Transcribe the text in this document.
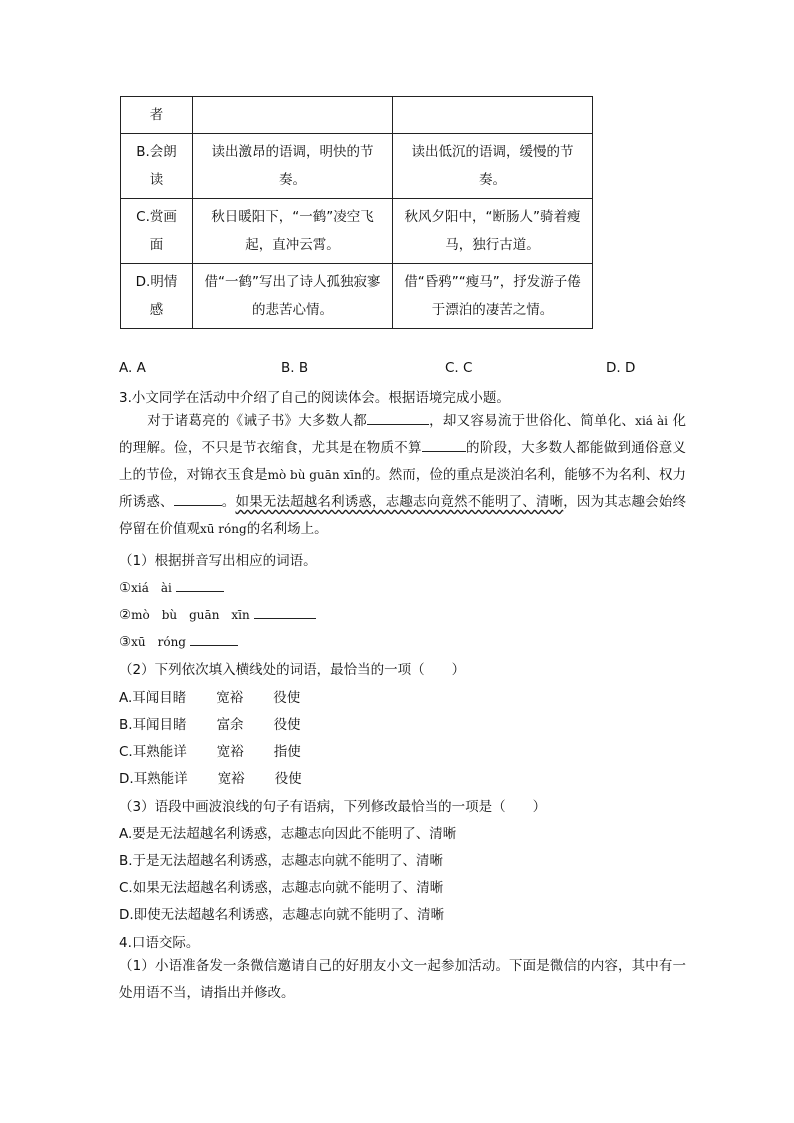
者		
B.会朗读	读出激昂的语调，明快的节奏。	读出低沉的语调，缓慢的节奏。
C.赏画面	秋日暖阳下，“一鹤”凌空飞起，直冲云霄。	秋风夕阳中，“断肠人”骑着瘦马，独行古道。
D.明情感	借“一鹤”写出了诗人孤独寂寥的悲苦心情。	借“昏鸦”“瘦马”，抒发游子倦于漂泊的凄苦之情。
A. A	B. B	C. C	D. D
3.小文同学在活动中介绍了自己的阅读体会。根据语境完成小题。
对于诸葛亮的《诫子书》大多数人都	，却又容易流于世俗化、简单化、xiá ài 化的理解。俭，不只是节衣缩食，尤其是在物质不算	的阶段，大多数人都能做到通俗意义上的节俭，对锦衣玉食是mò bù guān xīn的。然而，俭的重点是淡泊名利，能够不为名利、权力所诱惑、	。如果无法超越名利诱惑，志趣志向竟然不能明了、清晰，因为其志趣会始终停留在价值观xū róng的名利场上。
（1）根据拼音写出相应的词语。
①xiá　ài
②mò　bù　guān　xīn
③xū　róng
（2）下列依次填入横线处的词语，最恰当的一项（　　）
A.耳闻目睹 宽裕 役使
B.耳闻目睹 富余 役使
C.耳熟能详 宽裕 指使
D.耳熟能详 宽裕 役使
（3）语段中画波浪线的句子有语病，下列修改最恰当的一项是（　　）
A.要是无法超越名利诱惑，志趣志向因此不能明了、清晰
B.于是无法超越名利诱惑，志趣志向就不能明了、清晰
C.如果无法超越名利诱惑，志趣志向就不能明了、清晰
D.即使无法超越名利诱惑，志趣志向就不能明了、清晰
4.口语交际。
（1）小语准备发一条微信邀请自己的好朋友小文一起参加活动。下面是微信的内容，其中有一处用语不当，请指出并修改。
